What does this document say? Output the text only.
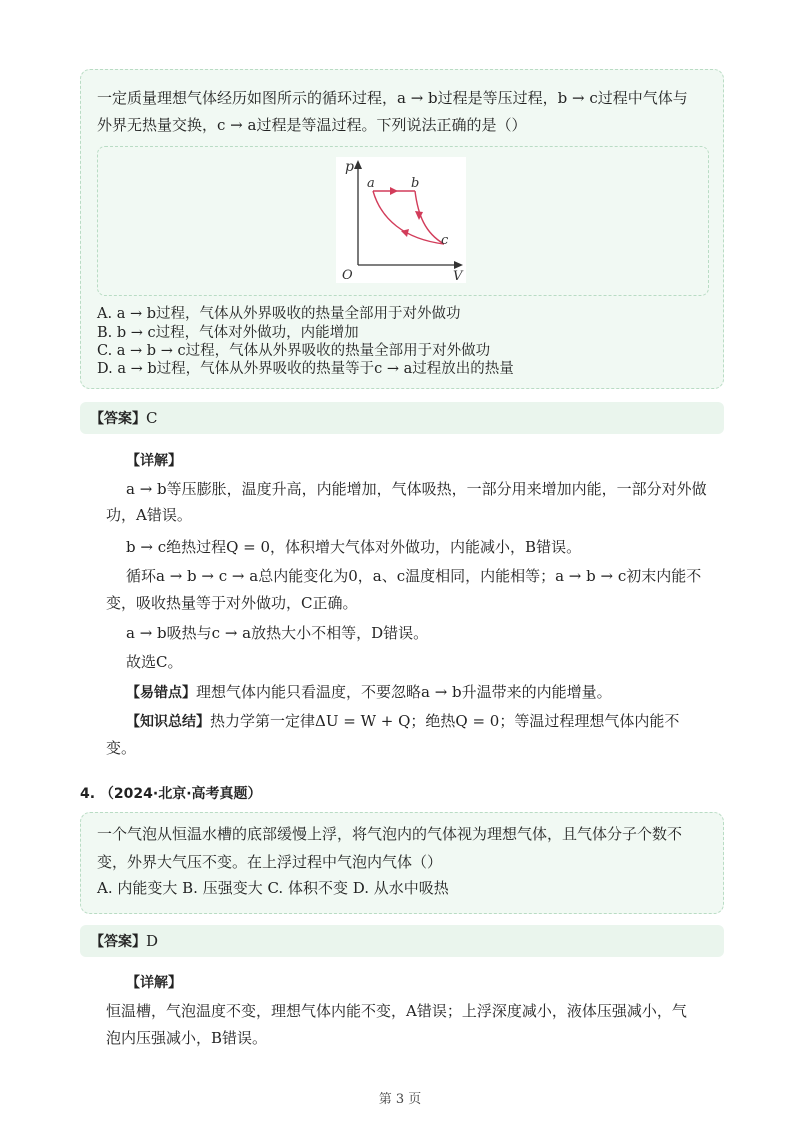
一定质量理想气体经历如图所示的循环过程，a → b过程是等压过程，b → c过程中气体与
外界无热量交换，c → a过程是等温过程。下列说法正确的是（）
p
V
O
a	b
c
A. a → b过程，气体从外界吸收的热量全部用于对外做功
B. b → c过程，气体对外做功，内能增加
C. a → b → c过程，气体从外界吸收的热量全部用于对外做功
D. a → b过程，气体从外界吸收的热量等于c → a过程放出的热量
【答案】C
【详解】
a → b等压膨胀，温度升高，内能增加，气体吸热，一部分用来增加内能，一部分对外做
功，A错误。
b → c绝热过程Q = 0，体积增大气体对外做功，内能减小，B错误。
循环a → b → c → a总内能变化为0，a、c温度相同，内能相等；a → b → c初末内能不
变，吸收热量等于对外做功，C正确。
a → b吸热与c → a放热大小不相等，D错误。
故选C。
【易错点】理想气体内能只看温度，不要忽略a → b升温带来的内能增量。
【知识总结】热力学第一定律ΔU = W + Q；绝热Q = 0；等温过程理想气体内能不
变。
4. （2024·北京·高考真题）
一个气泡从恒温水槽的底部缓慢上浮，将气泡内的气体视为理想气体，且气体分子个数不
变，外界大气压不变。在上浮过程中气泡内气体（）
A. 内能变大 B. 压强变大 C. 体积不变 D. 从水中吸热
【答案】D
【详解】
恒温槽，气泡温度不变，理想气体内能不变，A错误；上浮深度减小，液体压强减小，气
泡内压强减小，B错误。
第 3 页
